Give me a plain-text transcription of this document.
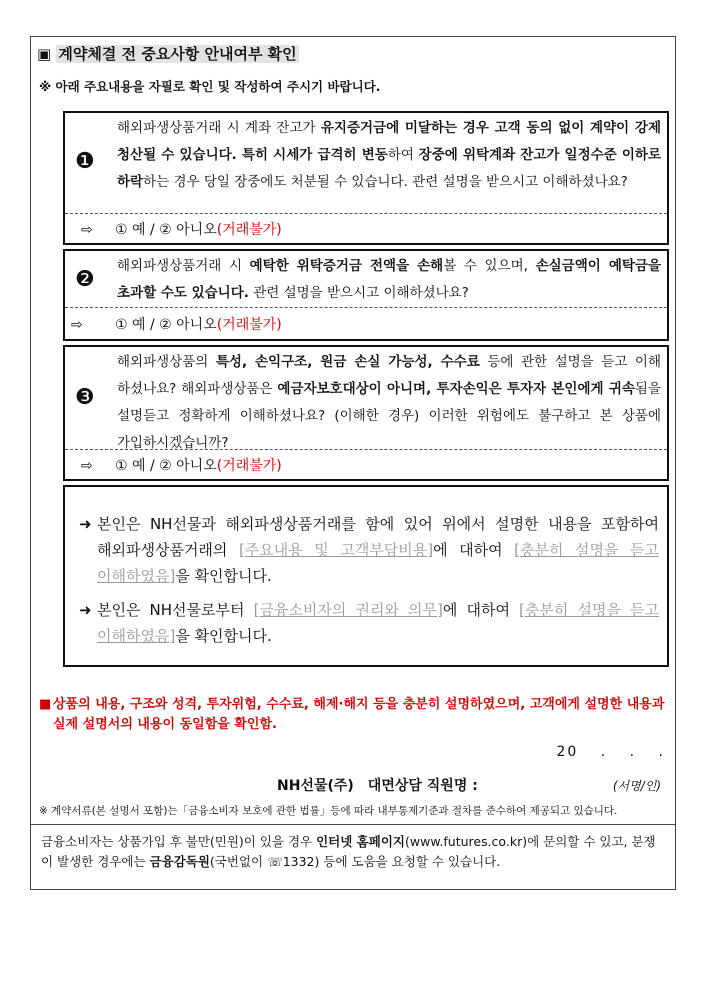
▣ 계약체결 전 중요사항 안내여부 확인
※ 아래 주요내용을 자필로 확인 및 작성하여 주시기 바랍니다.
❶
해외파생상품거래 시 계좌 잔고가 유지증거금에 미달하는 경우 고객 동의 없이 계약이 강제 청산될 수 있습니다. 특히 시세가 급격히 변동하여 장중에 위탁계좌 잔고가 일정수준 이하로 하락하는 경우 당일 장중에도 처분될 수 있습니다. 관련 설명을 받으시고 이해하셨나요?
⇨ ① 예 / ② 아니오(거래불가)
❷
해외파생상품거래 시 예탁한 위탁증거금 전액을 손해볼 수 있으며, 손실금액이 예탁금을 초과할 수도 있습니다. 관련 설명을 받으시고 이해하셨나요?
⇨ ① 예 / ② 아니오(거래불가)
❸
해외파생상품의 특성, 손익구조, 원금 손실 가능성, 수수료 등에 관한 설명을 듣고 이해 하셨나요? 해외파생상품은 예금자보호대상이 아니며, 투자손익은 투자자 본인에게 귀속됨을 설명듣고 정확하게 이해하셨나요? (이해한 경우) 이러한 위험에도 불구하고 본 상품에 가입하시겠습니까?
⇨ ① 예 / ② 아니오(거래불가)
➜ 본인은 NH선물과 해외파생상품거래를 함에 있어 위에서 설명한 내용을 포함하여 해외파생상품거래의 [주요내용 및 고객부담비용]에 대하여 [충분히 설명을 듣고 이해하였음]을 확인합니다.
➜ 본인은 NH선물로부터 [금융소비자의 권리와 의무]에 대하여 [충분히 설명을 듣고 이해하였음]을 확인합니다.
■ 상품의 내용, 구조와 성격, 투자위험, 수수료, 해제·해지 등을 충분히 설명하였으며, 고객에게 설명한 내용과 실제 설명서의 내용이 동일함을 확인함.
20　 .　 .　 .
NH선물(주)　대면상담 직원명 :	(서명/인)
※ 계약서류(본 설명서 포함)는「금융소비자 보호에 관한 법률」등에 따라 내부통제기준과 절차를 준수하여 제공되고 있습니다.
금융소비자는 상품가입 후 불만(민원)이 있을 경우 인터넷 홈페이지(www.futures.co.kr)에 문의할 수 있고, 분쟁이 발생한 경우에는 금융감독원(국번없이 ☏1332) 등에 도움을 요청할 수 있습니다.
